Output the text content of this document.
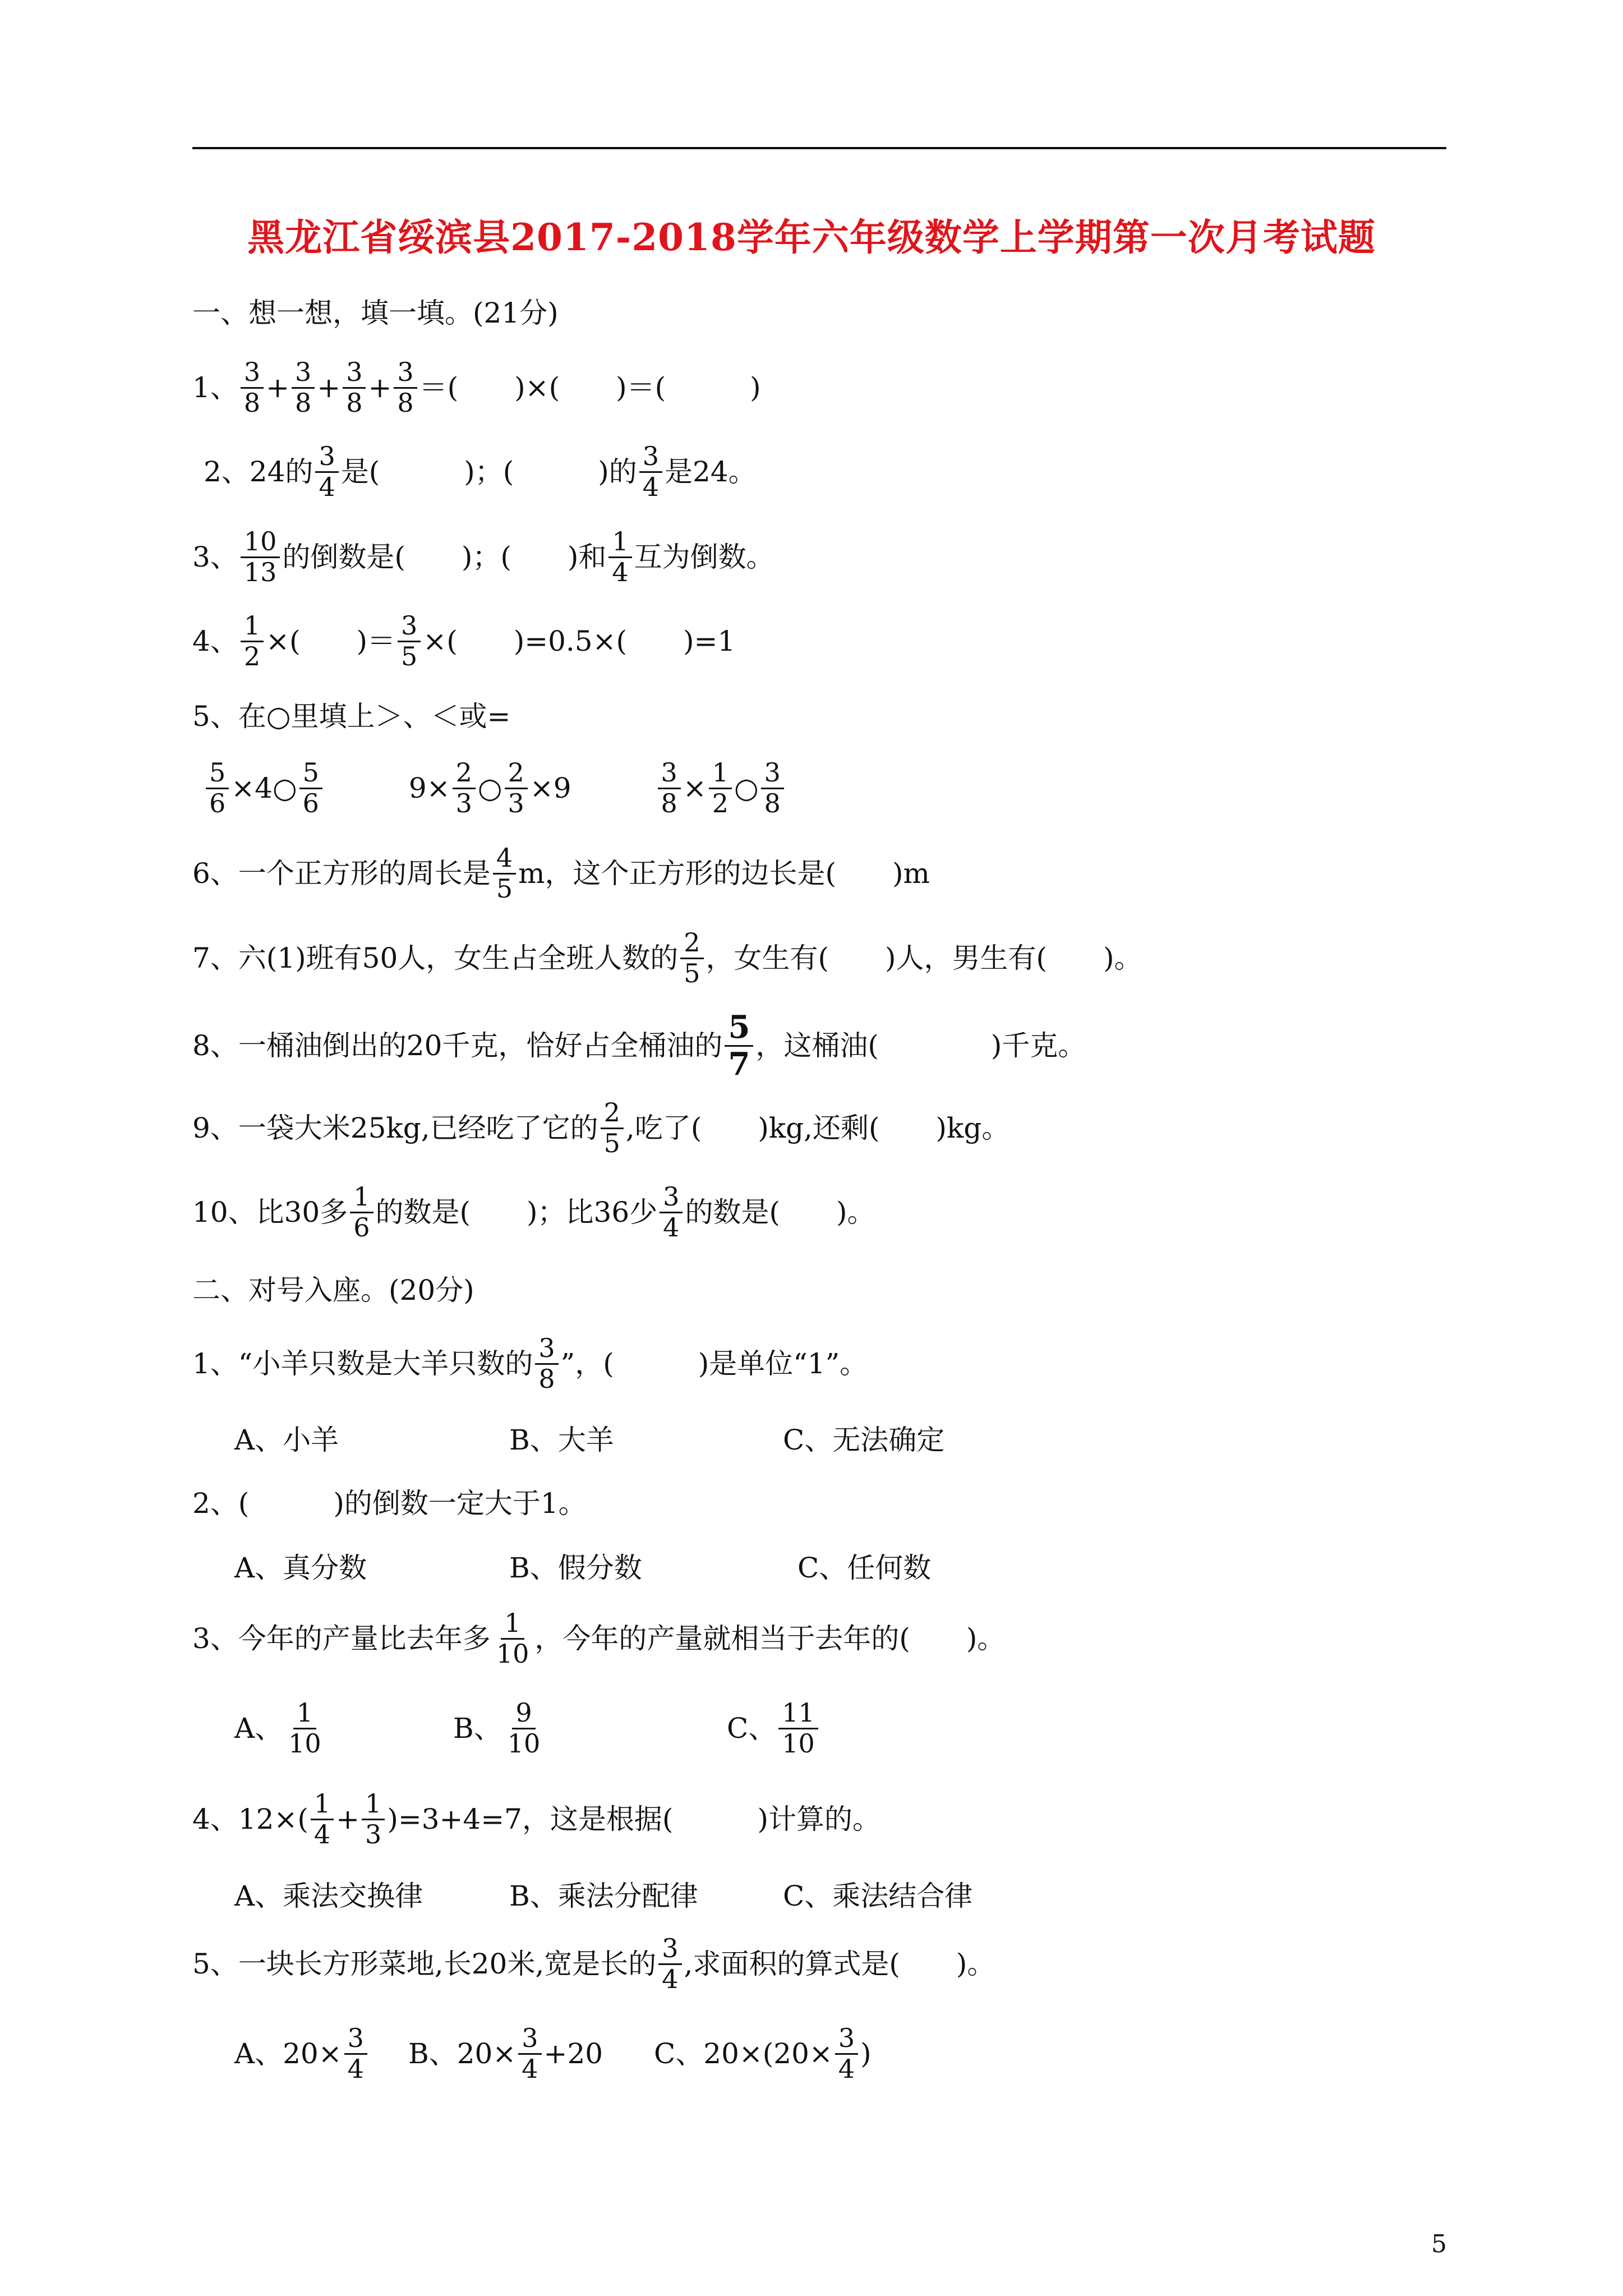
黑龙江省绥滨县2017-2018学年六年级数学上学期第一次月考试题
一、想一想，填一填。(21分)
1、 $\frac{3}{8} + \frac{3}{8} + \frac{3}{8} + \frac{3}{8}$ ＝(　　)×(　　)＝(　　　)
2、24的 $\frac{3}{4}$ 是(　　　)；(　　　)的 $\frac{3}{4}$ 是24。
3、 $\frac{10}{13}$ 的倒数是(　　)；(　　)和 $\frac{1}{4}$ 互为倒数。
4、 $\frac{1}{2}$ ×(　　)＝ $\frac{3}{5}$ ×(　　)=0.5×(　　)=1
5、在○里填上＞、＜或=
$\frac{5}{6}$ ×4○ $\frac{5}{6}$	$9\times \frac{2}{3}$ ○ $\frac{2}{3} \times 9$	$\frac{3}{8} \times \frac{1}{2}$ ○ $\frac{3}{8}$
6、一个正方形的周长是 $\frac{4}{5}$ m，这个正方形的边长是(　　)m
7、六(1)班有50人，女生占全班人数的 $\frac{2}{5}$ ，女生有(　　)人，男生有(　　)。
8、一桶油倒出的20千克，恰好占全桶油的 $\frac{5}{7}$ ，这桶油(　　　　)千克。
9、一袋大米25kg,已经吃了它的 $\frac{2}{5}$ ,吃了(　　)kg,还剩(　　)kg。
10、比30多 $\frac{1}{6}$ 的数是(　　)；比36少 $\frac{3}{4}$ 的数是(　　)。
二、对号入座。(20分)
1、“小羊只数是大羊只数的 $\frac{3}{8}$ ”，(　　　)是单位“1”。
A、小羊	B、大羊	C、无法确定
2、(　　　)的倒数一定大于1。
A、真分数	B、假分数	C、任何数
3、今年的产量比去年多 $\frac{1}{10}$ ，今年的产量就相当于去年的(　　)。
A、 $\frac{1}{10}$	B、 $\frac{9}{10}$	C、 $\frac{11}{10}$
4、$12\times( \frac{1}{4} + \frac{1}{3} )=3+4=7$，这是根据(　　　)计算的。
A、乘法交换律	B、乘法分配律	C、乘法结合律
5、一块长方形菜地,长20米,宽是长的 $\frac{3}{4}$ ,求面积的算式是(　　)。
A、$20\times \frac{3}{4}$ B、$20\times \frac{3}{4} +20$ C、$20\times(20\times \frac{3}{4}$ )
5
